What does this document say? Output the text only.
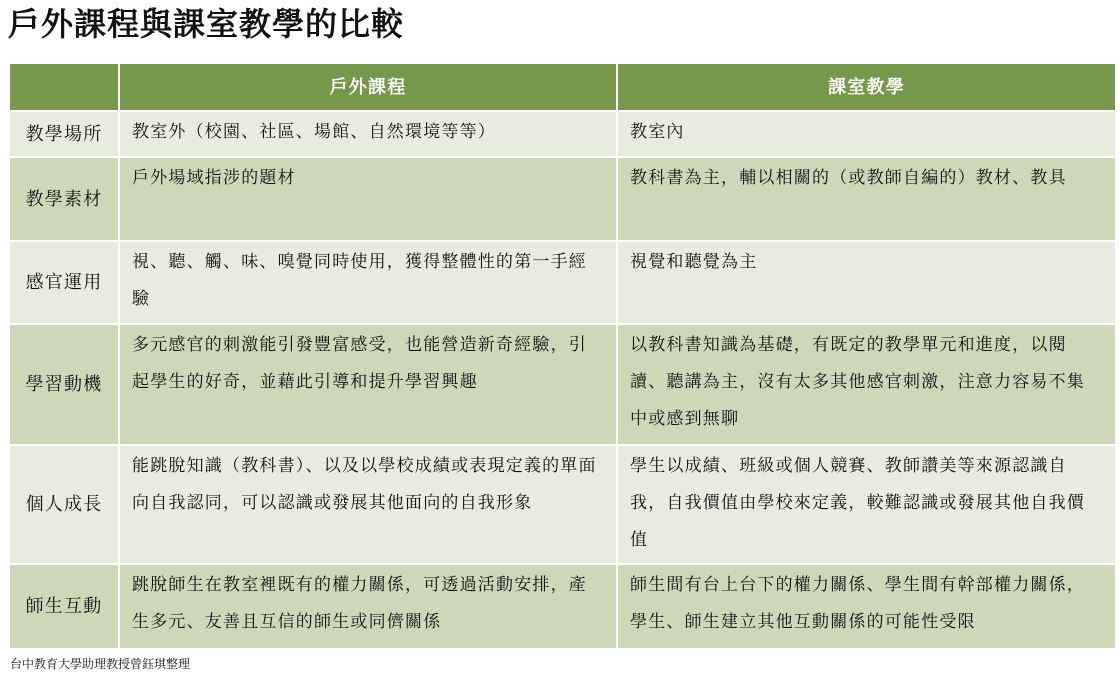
戶外課程與課室教學的比較
	戶外課程	課室教學
教學場所	教室外（校園、社區、場館、自然環境等等）	教室內
教學素材	戶外場域指涉的題材	教科書為主，輔以相關的（或教師自編的）教材、教具
感官運用	視、聽、觸、味、嗅覺同時使用，獲得整體性的第一手經驗	視覺和聽覺為主
學習動機	多元感官的刺激能引發豐富感受，也能營造新奇經驗，引起學生的好奇，並藉此引導和提升學習興趣	以教科書知識為基礎，有既定的教學單元和進度，以閱讀、聽講為主，沒有太多其他感官刺激，注意力容易不集中或感到無聊
個人成長	能跳脫知識（教科書）、以及以學校成績或表現定義的單面向自我認同，可以認識或發展其他面向的自我形象	學生以成績、班級或個人競賽、教師讚美等來源認識自我，自我價值由學校來定義，較難認識或發展其他自我價值
師生互動	跳脫師生在教室裡既有的權力關係，可透過活動安排，產生多元、友善且互信的師生或同儕關係	師生間有台上台下的權力關係、學生間有幹部權力關係，學生、師生建立其他互動關係的可能性受限
台中教育大學助理教授曾鈺琪整理
